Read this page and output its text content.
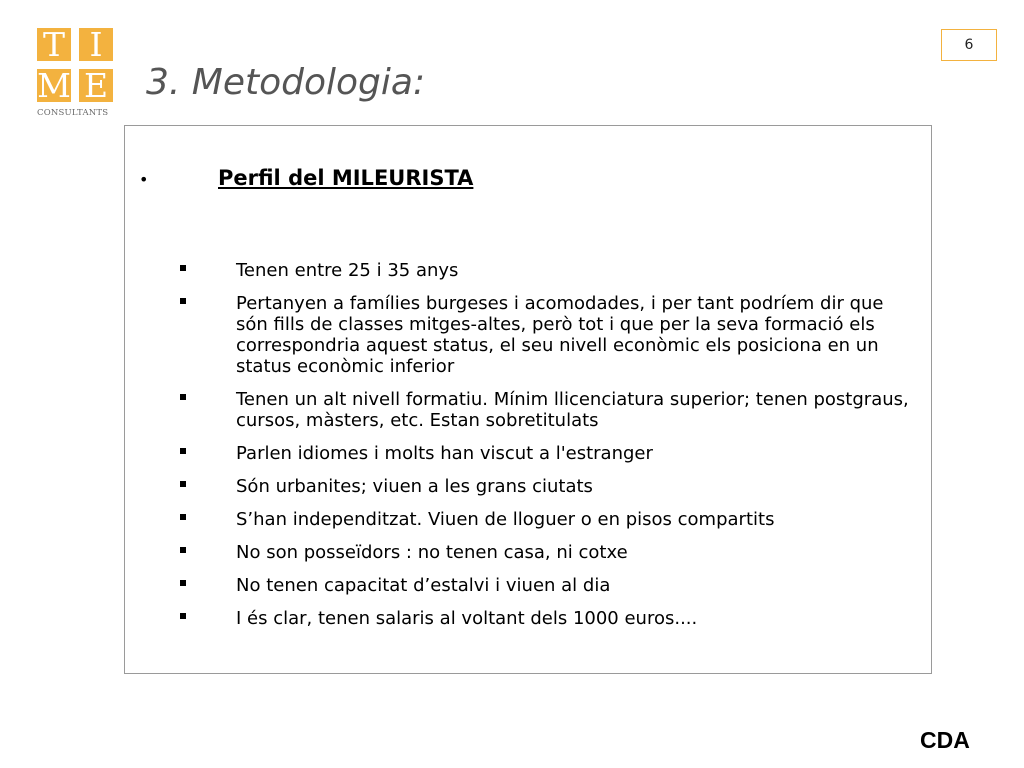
T I
M E
CONSULTANTS
3. Metodologia:
6
•	Perfil del MILEURISTA
Tenen entre 25 i 35 anys
Pertanyen a famílies burgeses i acomodades, i per tant podríem dir que són fills de classes mitges-altes, però tot i que per la seva formació els correspondria aquest status, el seu nivell econòmic els posiciona en un status econòmic inferior
Tenen un alt nivell formatiu. Mínim llicenciatura superior; tenen postgraus, cursos, màsters, etc. Estan sobretitulats
Parlen idiomes i molts han viscut a l'estranger
Són urbanites; viuen a les grans ciutats
S’han independitzat. Viuen de lloguer o en pisos compartits
No son posseïdors : no tenen casa, ni cotxe
No tenen capacitat d’estalvi i viuen al dia
I és clar, tenen salaris al voltant dels 1000 euros....
CDA
